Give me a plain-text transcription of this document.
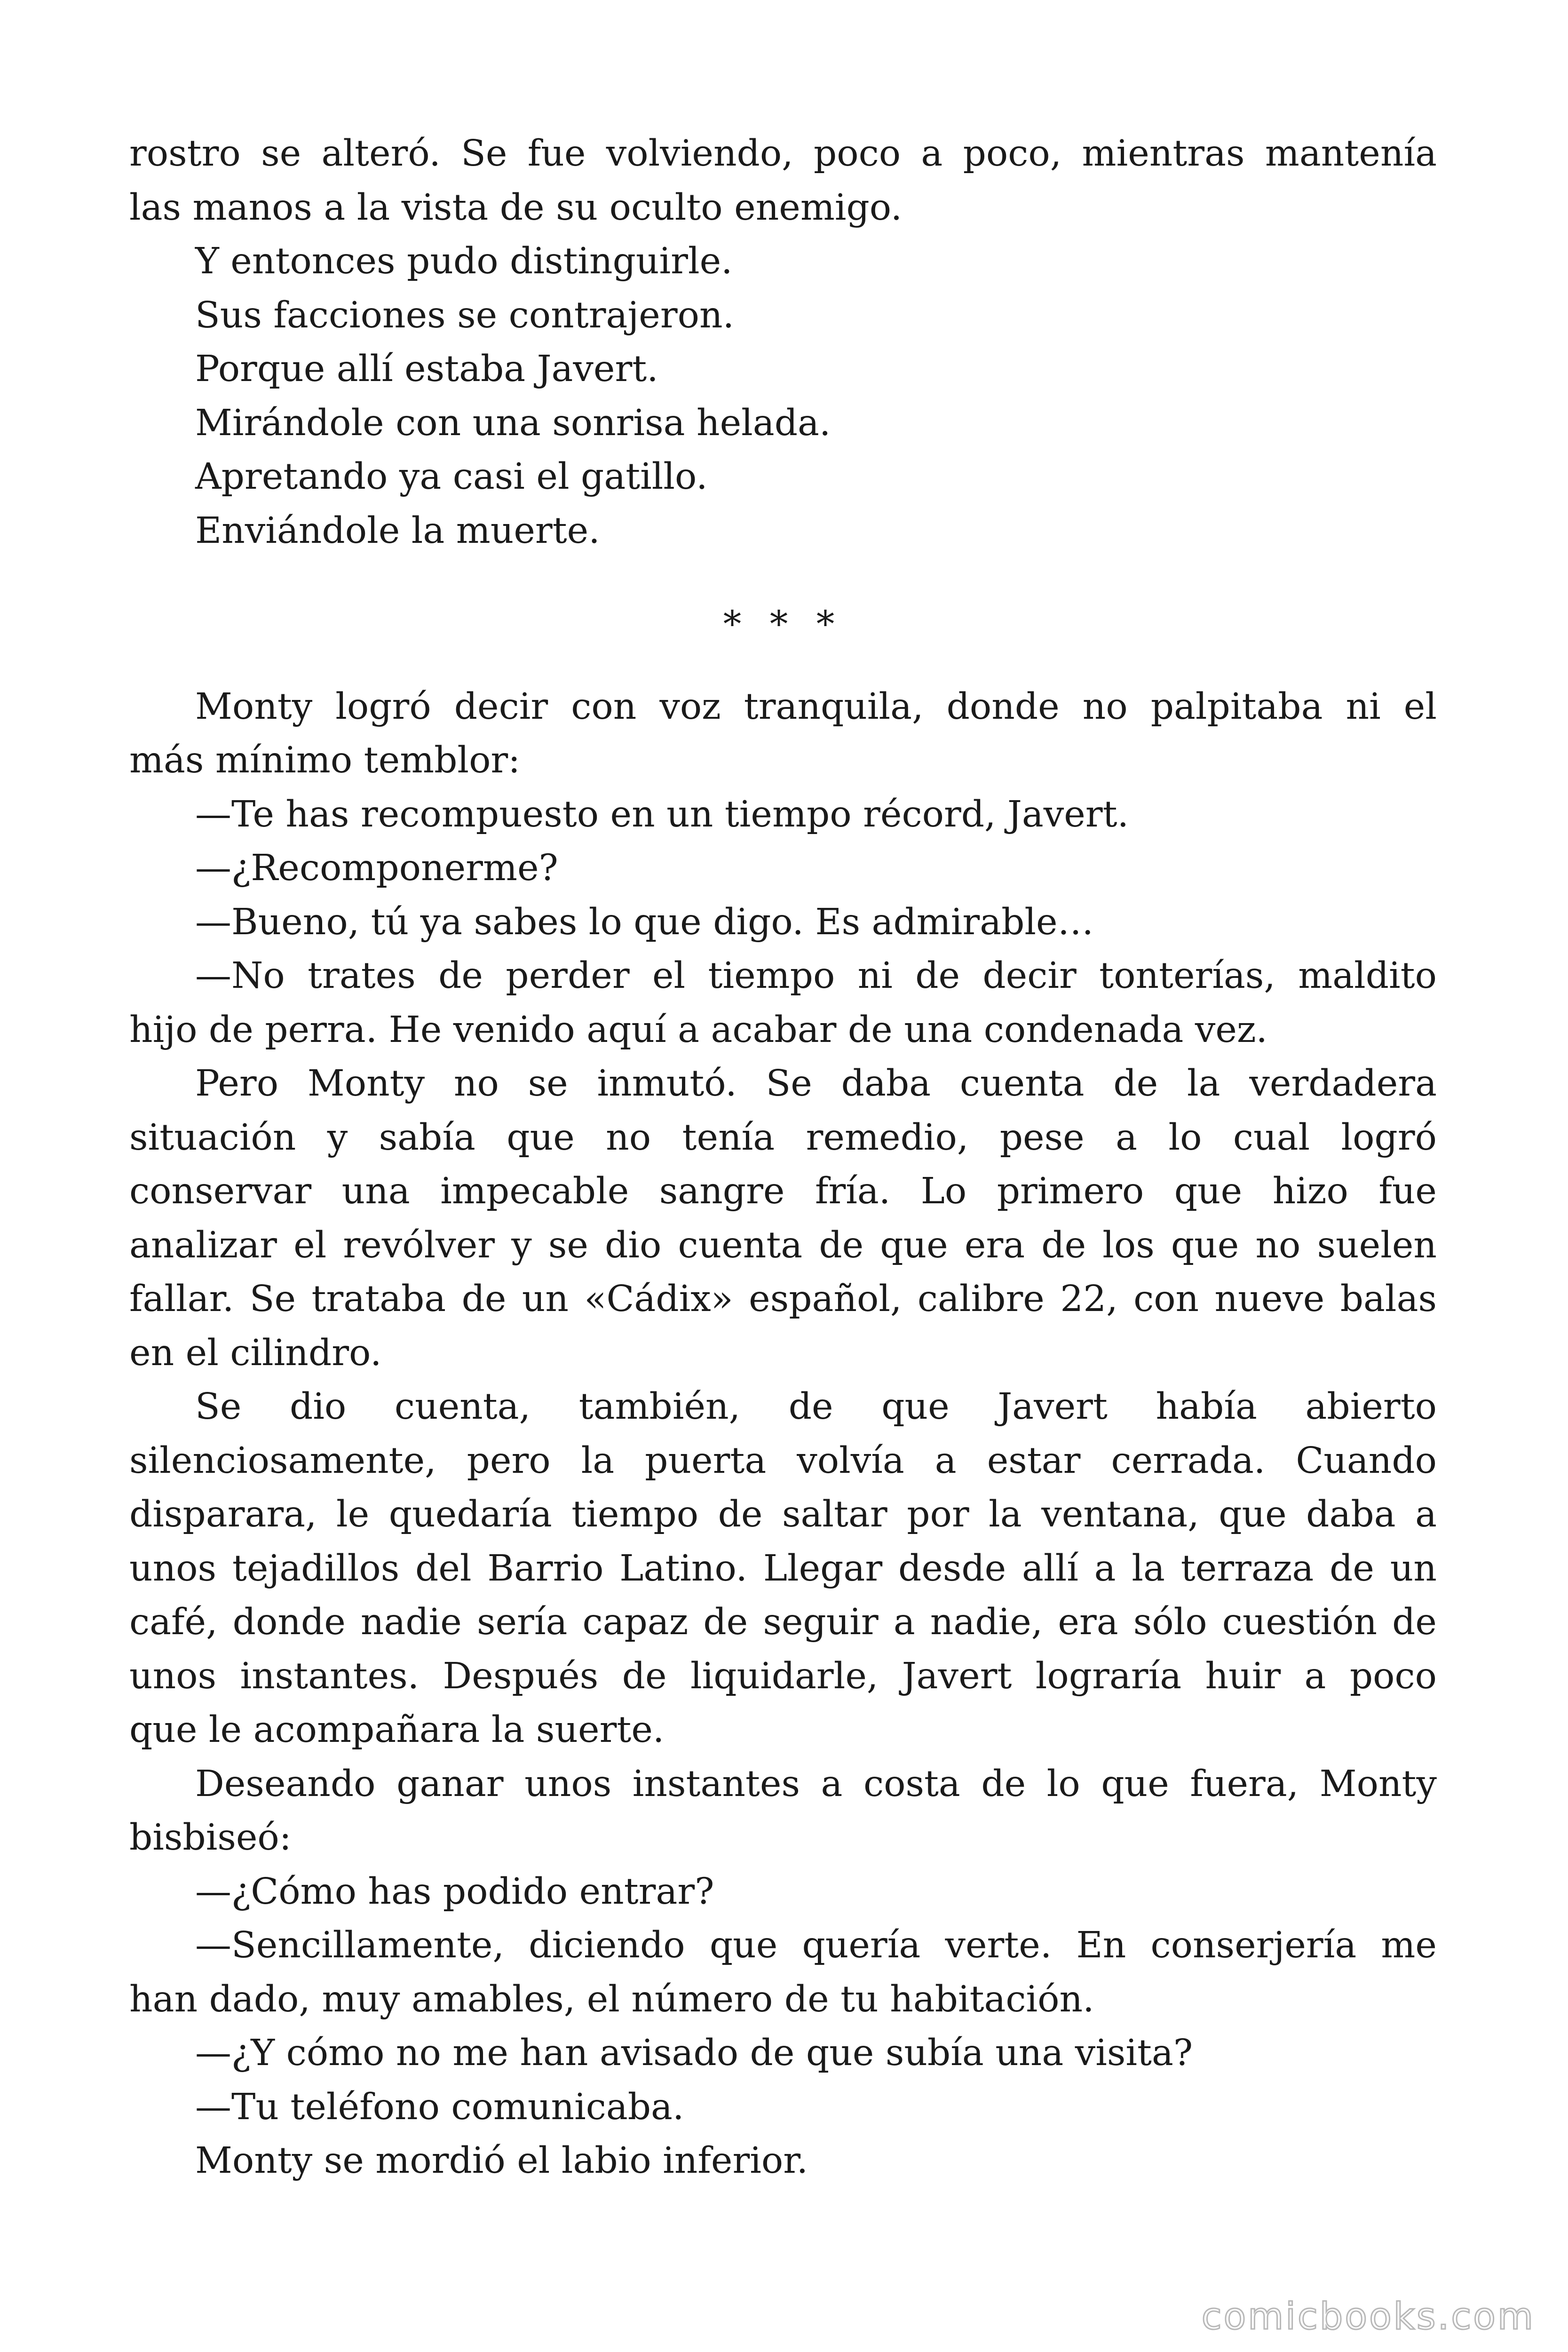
rostro se alteró. Se fue volviendo, poco a poco, mientras mantenía
las manos a la vista de su oculto enemigo.
Y entonces pudo distinguirle.
Sus facciones se contrajeron.
Porque allí estaba Javert.
Mirándole con una sonrisa helada.
Apretando ya casi el gatillo.
Enviándole la muerte.
* * *
Monty logró decir con voz tranquila, donde no palpitaba ni el
más mínimo temblor:
—Te has recompuesto en un tiempo récord, Javert.
—¿Recomponerme?
—Bueno, tú ya sabes lo que digo. Es admirable…
—No trates de perder el tiempo ni de decir tonterías, maldito
hijo de perra. He venido aquí a acabar de una condenada vez.
Pero Monty no se inmutó. Se daba cuenta de la verdadera
situación y sabía que no tenía remedio, pese a lo cual logró
conservar una impecable sangre fría. Lo primero que hizo fue
analizar el revólver y se dio cuenta de que era de los que no suelen
fallar. Se trataba de un «Cádix» español, calibre 22, con nueve balas
en el cilindro.
Se dio cuenta, también, de que Javert había abierto
silenciosamente, pero la puerta volvía a estar cerrada. Cuando
disparara, le quedaría tiempo de saltar por la ventana, que daba a
unos tejadillos del Barrio Latino. Llegar desde allí a la terraza de un
café, donde nadie sería capaz de seguir a nadie, era sólo cuestión de
unos instantes. Después de liquidarle, Javert lograría huir a poco
que le acompañara la suerte.
Deseando ganar unos instantes a costa de lo que fuera, Monty
bisbiseó:
—¿Cómo has podido entrar?
—Sencillamente, diciendo que quería verte. En conserjería me
han dado, muy amables, el número de tu habitación.
—¿Y cómo no me han avisado de que subía una visita?
—Tu teléfono comunicaba.
Monty se mordió el labio inferior.
comicbooks.com
